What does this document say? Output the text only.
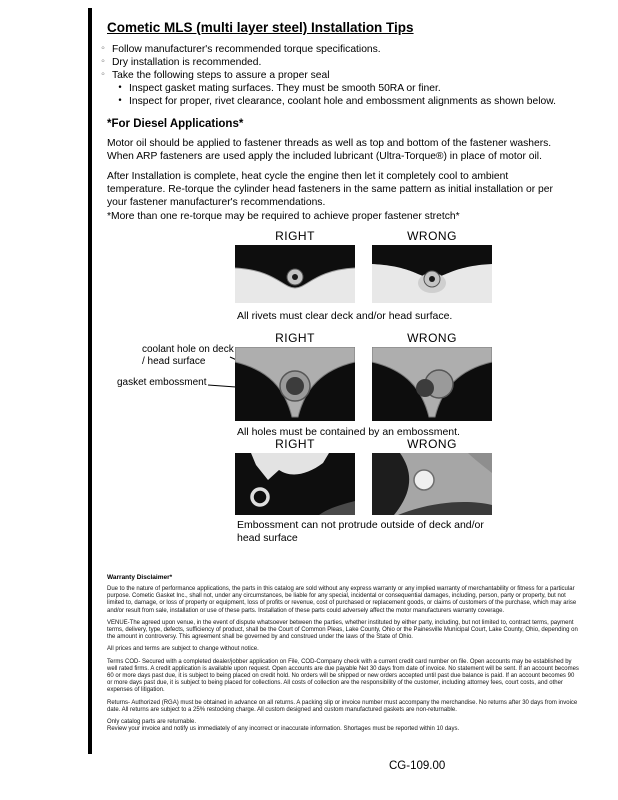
Cometic MLS (multi layer steel) Installation Tips
◦ Follow manufacturer's recommended torque specifications.
◦ Dry installation is recommended.
◦ Take the following steps to assure a proper seal
• Inspect gasket mating surfaces. They must be smooth 50RA or finer.
• Inspect for proper, rivet clearance, coolant hole and embossment alignments as shown below.
*For Diesel Applications*

Motor oil should be applied to fastener threads as well as top and bottom of the fastener washers. When ARP fasteners are used apply the included lubricant (Ultra-Torque®) in place of motor oil.

After Installation is complete, heat cycle the engine then let it completely cool to ambient temperature. Re-torque the cylinder head fasteners in the same pattern as initial installation or per your fastener manufacturer's recommendations.

*More than one re-torque may be required to achieve proper fastener stretch*
RIGHT	WRONG
All rivets must clear deck and/or head surface.
RIGHT	WRONG
coolant hole on deck / head surface
gasket embossment
All holes must be contained by an embossment.
RIGHT	WRONG
Embossment can not protrude outside of deck and/or head surface
Warranty Disclaimer*

Due to the nature of performance applications, the parts in this catalog are sold without any express warranty or any implied warranty of merchantability or fitness for a particular purpose. Cometic Gasket Inc., shall not, under any circumstances, be liable for any special, incidental or consequential damages, including, person, party or property, but not limited to, damage, or loss of property or equipment, loss of profits or revenue, cost of purchased or replacement goods, or claims of customers of the purchase, which may arise and/or result from sale, installation or use of these parts. Installation of these parts could adversely affect the motor manufacturers warranty coverage.

VENUE-The agreed upon venue, in the event of dispute whatsoever between the parties, whether instituted by either party, including, but not limited to, contract terms, payment terms, delivery, type, defects, sufficiency of product, shall be the Court of Common Pleas, Lake County, Ohio or the Painesville Municipal Court, Lake County, Ohio, depending on the amount in controversy. This agreement shall be governed by and construed under the laws of the State of Ohio.

All prices and terms are subject to change without notice.

Terms COD- Secured with a completed dealer/jobber application on File, COD-Company check with a current credit card number on file. Open accounts may be established by well rated firms. A credit application is available upon request. Open accounts are due payable Net 30 days from date of invoice. No statement will be sent. If an account becomes 60 or more days past due, it is subject to being placed on credit hold. No orders will be shipped or new orders accepted until past due balance is paid. If an account becomes 90 or more days past due, it is subject to being placed for collections. All costs of collection are the responsibility of the customer, including attorney fees, court costs, and other expenses of litigation.

Returns- Authorized (RGA) must be obtained in advance on all returns. A packing slip or invoice number must accompany the merchandise. No returns after 30 days from invoice date. All returns are subject to a 25% restocking charge. All custom designed and custom manufactured gaskets are non-returnable.

Only catalog parts are returnable.

Review your invoice and notify us immediately of any incorrect or inaccurate information. Shortages must be reported within 10 days.

CG-109.00
